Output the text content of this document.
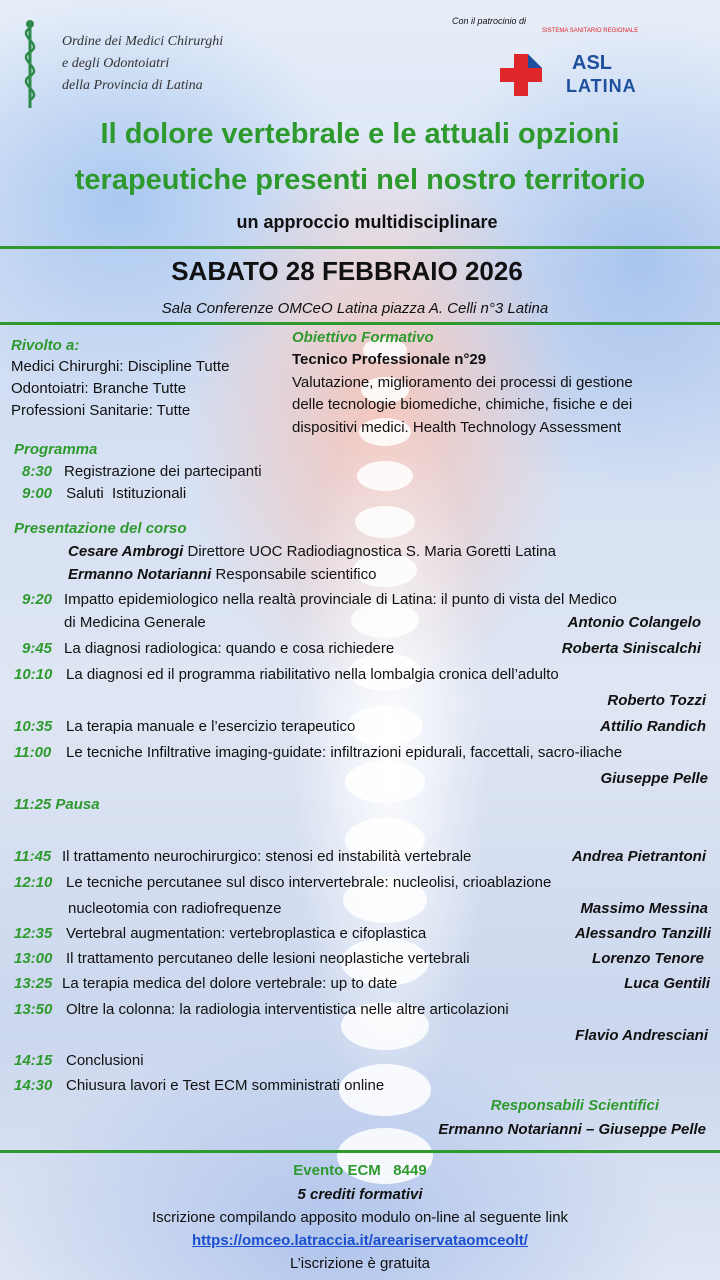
Ordine dei Medici Chirurghi
e degli Odontoiatri
della Provincia di Latina
Con il patrocinio di
SISTEMA SANITARIO REGIONALE
ASL
LATINA
Il dolore vertebrale e le attuali opzioni
terapeutiche presenti nel nostro territorio
un approccio multidisciplinare
SABATO 28 FEBBRAIO 2026
Sala Conferenze OMCeO Latina piazza A. Celli n°3 Latina
Rivolto a:
Medici Chirurghi: Discipline Tutte
Odontoiatri: Branche Tutte
Professioni Sanitarie: Tutte
Obiettivo Formativo
Tecnico Professionale n°29
Valutazione, miglioramento dei processi di gestione
delle tecnologie biomediche, chimiche, fisiche e dei
dispositivi medici. Health Technology Assessment
Programma
8:30 Registrazione dei partecipanti
9:00 Saluti  Istituzionali
Presentazione del corso
Cesare Ambrogi Direttore UOC Radiodiagnostica S. Maria Goretti Latina
Ermanno Notarianni Responsabile scientifico
9:20 Impatto epidemiologico nella realtà provinciale di Latina: il punto di vista del Medico
di Medicina Generale	Antonio Colangelo
9:45 La diagnosi radiologica: quando e cosa richiedere	Roberta Siniscalchi
10:10 La diagnosi ed il programma riabilitativo nella lombalgia cronica dell’adulto
Roberto Tozzi
10:35 La terapia manuale e l’esercizio terapeutico	Attilio Randich
11:00 Le tecniche Infiltrative imaging-guidate: infiltrazioni epidurali, faccettali, sacro-iliache
Giuseppe Pelle
11:25 Pausa
11:45 Il trattamento neurochirurgico: stenosi ed instabilità vertebrale	Andrea Pietrantoni
12:10 Le tecniche percutanee sul disco intervertebrale: nucleolisi, crioablazione
nucleotomia con radiofrequenze	Massimo Messina
12:35 Vertebral augmentation: vertebroplastica e cifoplastica	Alessandro Tanzilli
13:00 Il trattamento percutaneo delle lesioni neoplastiche vertebrali	Lorenzo Tenore
13:25 La terapia medica del dolore vertebrale: up to date	Luca Gentili
13:50 Oltre la colonna: la radiologia interventistica nelle altre articolazioni
Flavio Andresciani
14:15 Conclusioni
14:30 Chiusura lavori e Test ECM somministrati online
Responsabili Scientifici
Ermanno Notarianni – Giuseppe Pelle
Evento ECM   8449
5 crediti formativi
Iscrizione compilando apposito modulo on-line al seguente link
https://omceo.latraccia.it/areariservataomceolt/
L’iscrizione è gratuita
